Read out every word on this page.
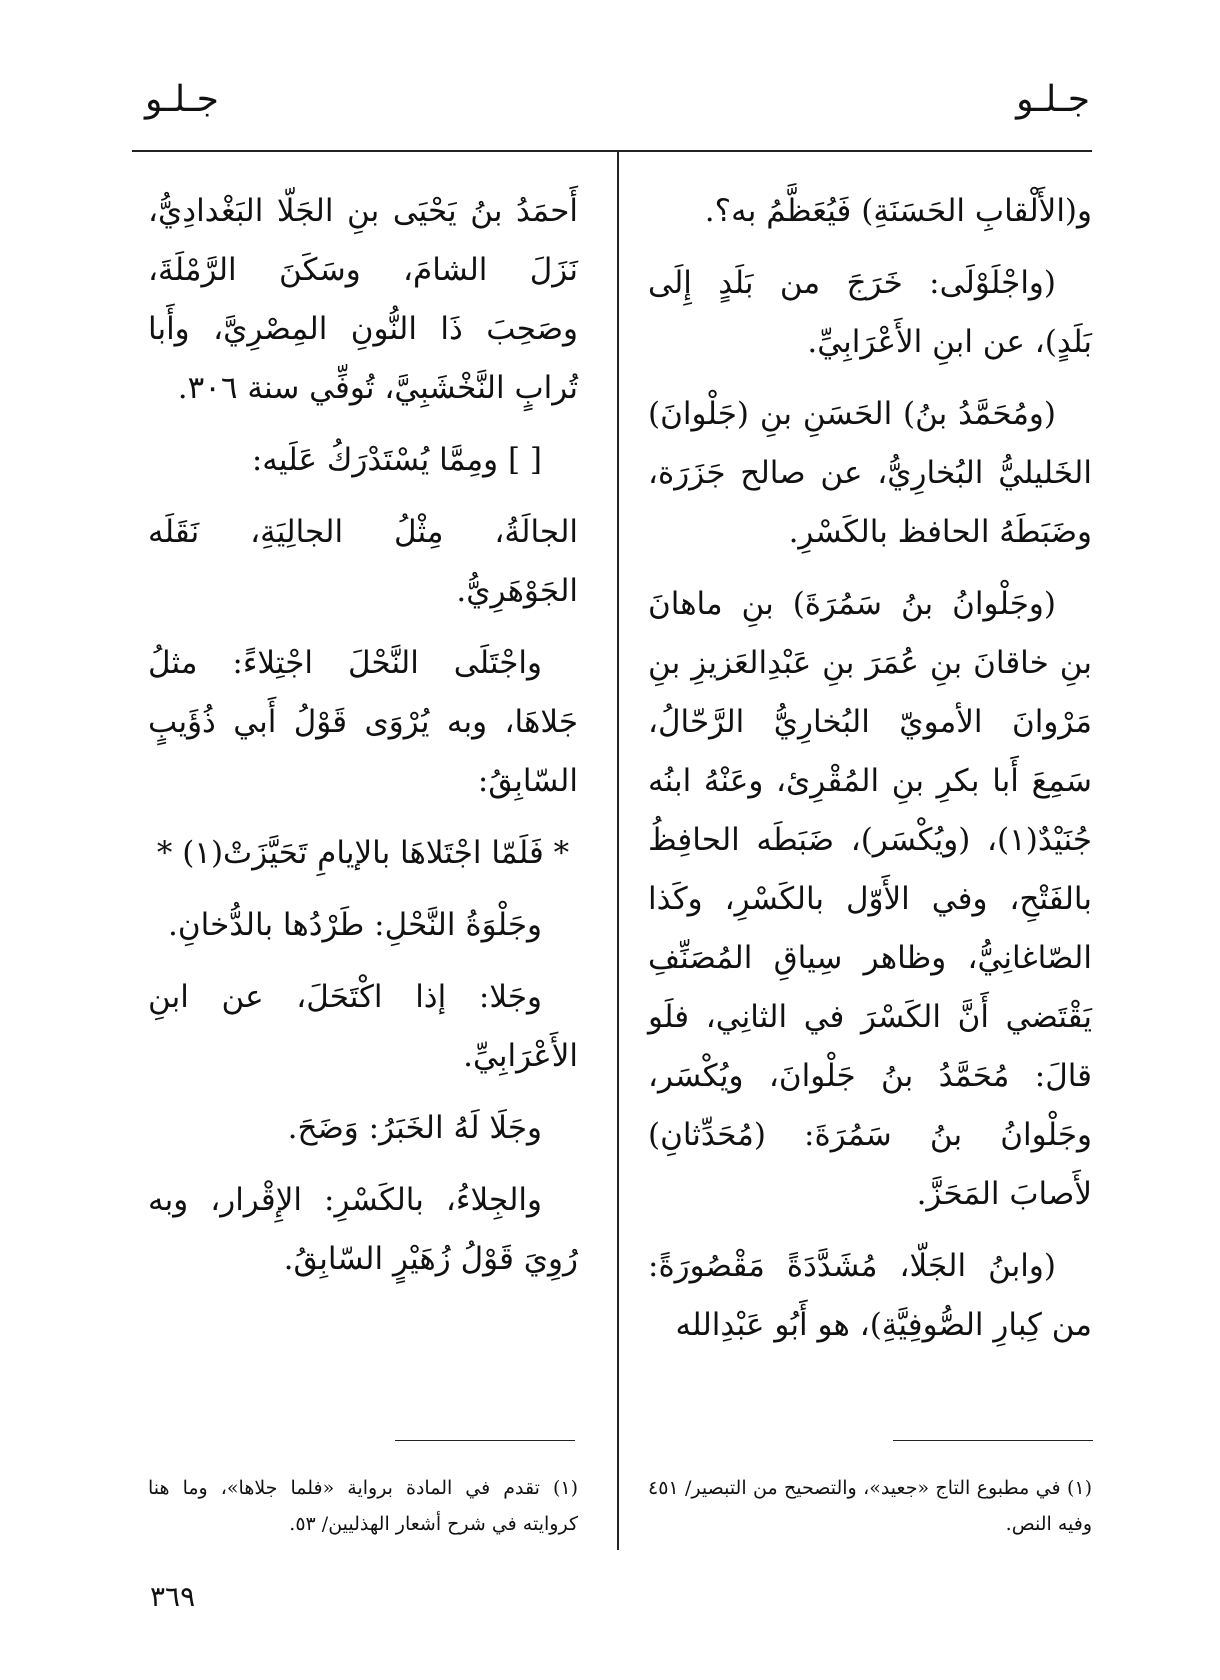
جـلـو
جـلـو

و(الأَلْقابِ الحَسَنَةِ) فَيُعَظَّمُ به؟.

(واجْلَوْلَى: خَرَجَ من بَلَدٍ إِلَى بَلَدٍ)، عن ابنِ الأَعْرَابِيِّ.

(ومُحَمَّدُ بنُ) الحَسَنِ بنِ (جَلْوانَ) الخَليليُّ البُخارِيُّ، عن صالح جَزَرَة، وضَبَطَهُ الحافظ بالكَسْرِ.

(وجَلْوانُ بنُ سَمُرَةَ) بنِ ماهانَ بنِ خاقانَ بنِ عُمَرَ بنِ عَبْدِالعَزيزِ بنِ مَرْوانَ الأمويّ البُخارِيُّ الرَّحّالُ، سَمِعَ أَبا بكرِ بنِ المُقْرِئ، وعَنْهُ ابنُه جُنَيْدٌ(١)، (ويُكْسَر)، ضَبَطَه الحافِظُ بالفَتْحِ، وفي الأَوّل بالكَسْرِ، وكَذا الصّاغانِيُّ، وظاهر سِياقِ المُصَنِّفِ يَقْتَضي أَنَّ الكَسْرَ في الثانِي، فلَو قالَ: مُحَمَّدُ بنُ جَلْوانَ، ويُكْسَر، وجَلْوانُ بنُ سَمُرَةَ: (مُحَدِّثانِ) لأَصابَ المَحَزَّ.

(وابنُ الجَلّا، مُشَدَّدَةً مَقْصُورَةً: من كِبارِ الصُّوفِيَّةِ)، هو أَبُو عَبْدِالله

أَحمَدُ بنُ يَحْيَى بنِ الجَلّا البَغْدادِيُّ، نَزَلَ الشامَ، وسَكَنَ الرَّمْلَةَ، وصَحِبَ ذَا النُّونِ المِصْرِيَّ، وأَبا تُرابٍ النَّخْشَبِيَّ، تُوفِّي سنة ٣٠٦.

[ ] ومِمَّا يُسْتَدْرَكُ عَلَيه:

الجالَةُ، مِثْلُ الجالِيَةِ، نَقَلَه الجَوْهَرِيُّ.

واجْتَلَى النَّحْلَ اجْتِلاءً: مثلُ جَلاهَا، وبه يُرْوَى قَوْلُ أَبي ذُؤَيبٍ السّابِقُ:

* فَلَمّا اجْتَلاهَا بالإيامِ تَحَيَّزَتْ(١) *

وجَلْوَةُ النَّحْلِ: طَرْدُها بالدُّخانِ.

وجَلا: إذا اكْتَحَلَ، عن ابنِ الأَعْرَابِيِّ.

وجَلَا لَهُ الخَبَرُ: وَضَحَ.

والجِلاءُ، بالكَسْرِ: الإِقْرار، وبه رُوِيَ قَوْلُ زُهَيْرٍ السّابِقُ.

(١) في مطبوع التاج «جعيد»، والتصحيح من التبصير/ ٤٥١ وفيه النص.
(١) تقدم في المادة برواية «فلما جلاها»، وما هنا كروايته في شرح أشعار الهذليين/ ٥٣.
٣٦٩
